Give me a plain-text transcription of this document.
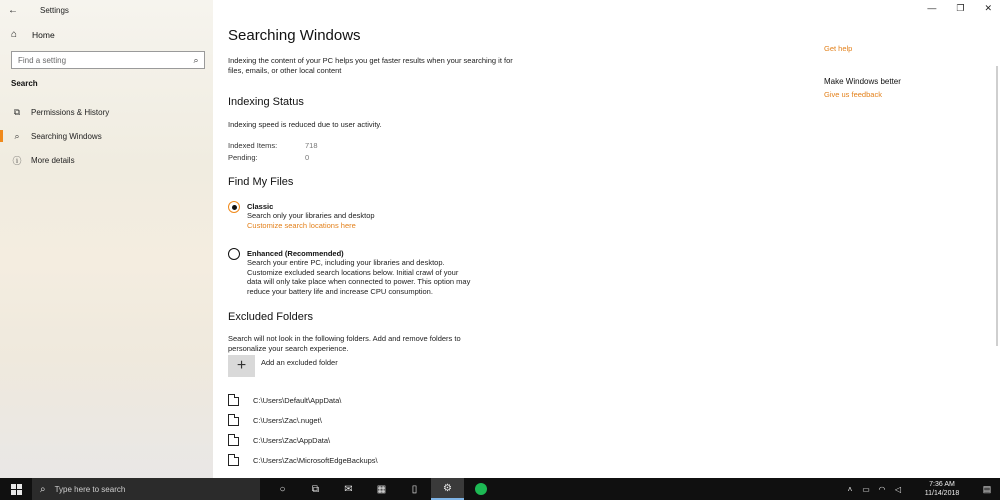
←	Settings
⌂	Home
Find a setting
⌕
Search
⧉	Permissions & History
⌕	Searching Windows
ⓘ More details
Searching Windows
Indexing the content of your PC helps you get faster results when your searching it for files, emails, or other local content
Indexing Status
Indexing speed is reduced due to user activity.
Indexed Items:	718
Pending:	0
Find My Files
Classic
Search only your libraries and desktop
Customize search locations here
Enhanced (Recommended)
Search your entire PC, including your libraries and desktop.
Customize excluded search locations below. Initial crawl of your
data will only take place when connected to power. This option may
reduce your battery life and increase CPU consumption.
Excluded Folders
Search will not look in the following folders. Add and remove folders to
personalize your search experience.
+ Add an excluded folder
C:\Users\Default\AppData\
C:\Users\Zac\.nuget\
C:\Users\Zac\AppData\
C:\Users\Zac\MicrosoftEdgeBackups\
Get help
Make Windows better
Give us feedback
— ❐ ✕
⌕ Type here to search	○	⧉	✉	▦	▯	⚙	˄	▭	◠	◁	7:36 AM
11/14/2018	▤
